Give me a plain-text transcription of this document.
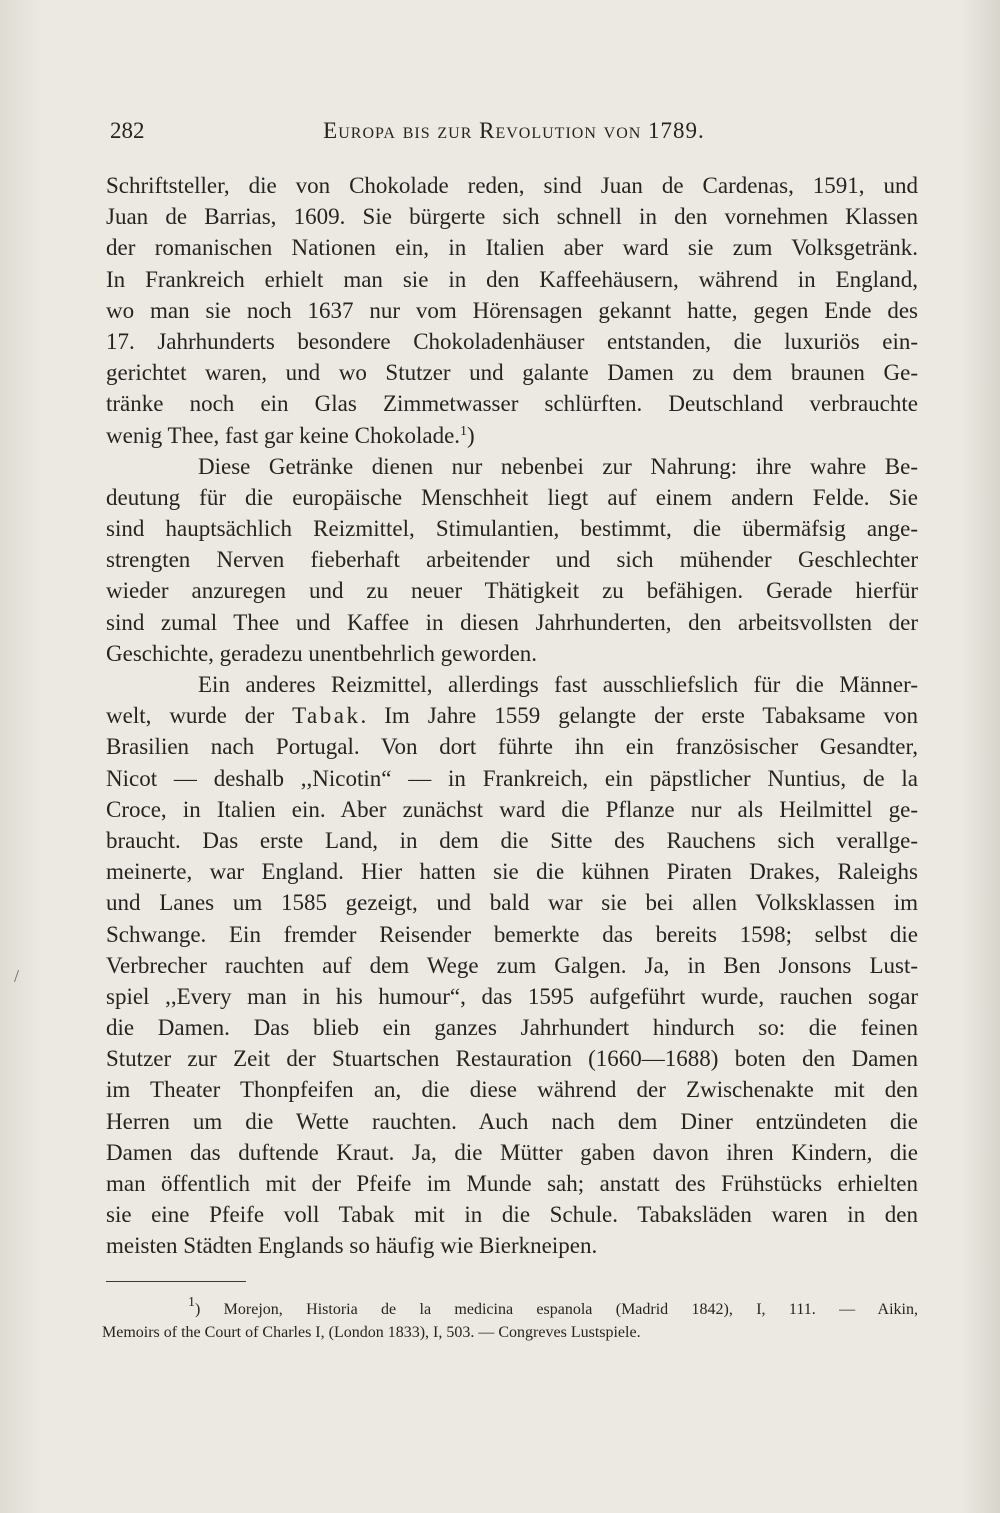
282	Europa bis zur Revolution von 1789.
Schriftsteller, die von Chokolade reden, sind Juan de Cardenas, 1591, und
Juan de Barrias, 1609. Sie bürgerte sich schnell in den vornehmen Klassen
der romanischen Nationen ein, in Italien aber ward sie zum Volksgetränk.
In Frankreich erhielt man sie in den Kaffeehäusern, während in England,
wo man sie noch 1637 nur vom Hörensagen gekannt hatte, gegen Ende des
17. Jahrhunderts besondere Chokoladenhäuser entstanden, die luxuriös ein-
gerichtet waren, und wo Stutzer und galante Damen zu dem braunen Ge-
tränke noch ein Glas Zimmetwasser schlürften. Deutschland verbrauchte
wenig Thee, fast gar keine Chokolade.$^1$)
Diese Getränke dienen nur nebenbei zur Nahrung: ihre wahre Be-
deutung für die europäische Menschheit liegt auf einem andern Felde. Sie
sind hauptsächlich Reizmittel, Stimulantien, bestimmt, die übermäfsig ange-
strengten Nerven fieberhaft arbeitender und sich mühender Geschlechter
wieder anzuregen und zu neuer Thätigkeit zu befähigen. Gerade hierfür
sind zumal Thee und Kaffee in diesen Jahrhunderten, den arbeitsvollsten der
Geschichte, geradezu unentbehrlich geworden.
Ein anderes Reizmittel, allerdings fast ausschliefslich für die Männer-
welt, wurde der Tabak. Im Jahre 1559 gelangte der erste Tabaksame von
Brasilien nach Portugal. Von dort führte ihn ein französischer Gesandter,
Nicot — deshalb ,,Nicotin“ — in Frankreich, ein päpstlicher Nuntius, de la
Croce, in Italien ein. Aber zunächst ward die Pflanze nur als Heilmittel ge-
braucht. Das erste Land, in dem die Sitte des Rauchens sich verallge-
meinerte, war England. Hier hatten sie die kühnen Piraten Drakes, Raleighs
und Lanes um 1585 gezeigt, und bald war sie bei allen Volksklassen im
Schwange. Ein fremder Reisender bemerkte das bereits 1598; selbst die
Verbrecher rauchten auf dem Wege zum Galgen. Ja, in Ben Jonsons Lust-
spiel ,,Every man in his humour“, das 1595 aufgeführt wurde, rauchen sogar
die Damen. Das blieb ein ganzes Jahrhundert hindurch so: die feinen
Stutzer zur Zeit der Stuartschen Restauration (1660—1688) boten den Damen
im Theater Thonpfeifen an, die diese während der Zwischenakte mit den
Herren um die Wette rauchten. Auch nach dem Diner entzündeten die
Damen das duftende Kraut. Ja, die Mütter gaben davon ihren Kindern, die
man öffentlich mit der Pfeife im Munde sah; anstatt des Frühstücks erhielten
sie eine Pfeife voll Tabak mit in die Schule. Tabaksläden waren in den
meisten Städten Englands so häufig wie Bierkneipen.
$^1$) Morejon, Historia de la medicina espanola (Madrid 1842), I, 111. — Aikin,
Memoirs of the Court of Charles I, (London 1833), I, 503. — Congreves Lustspiele.
/
